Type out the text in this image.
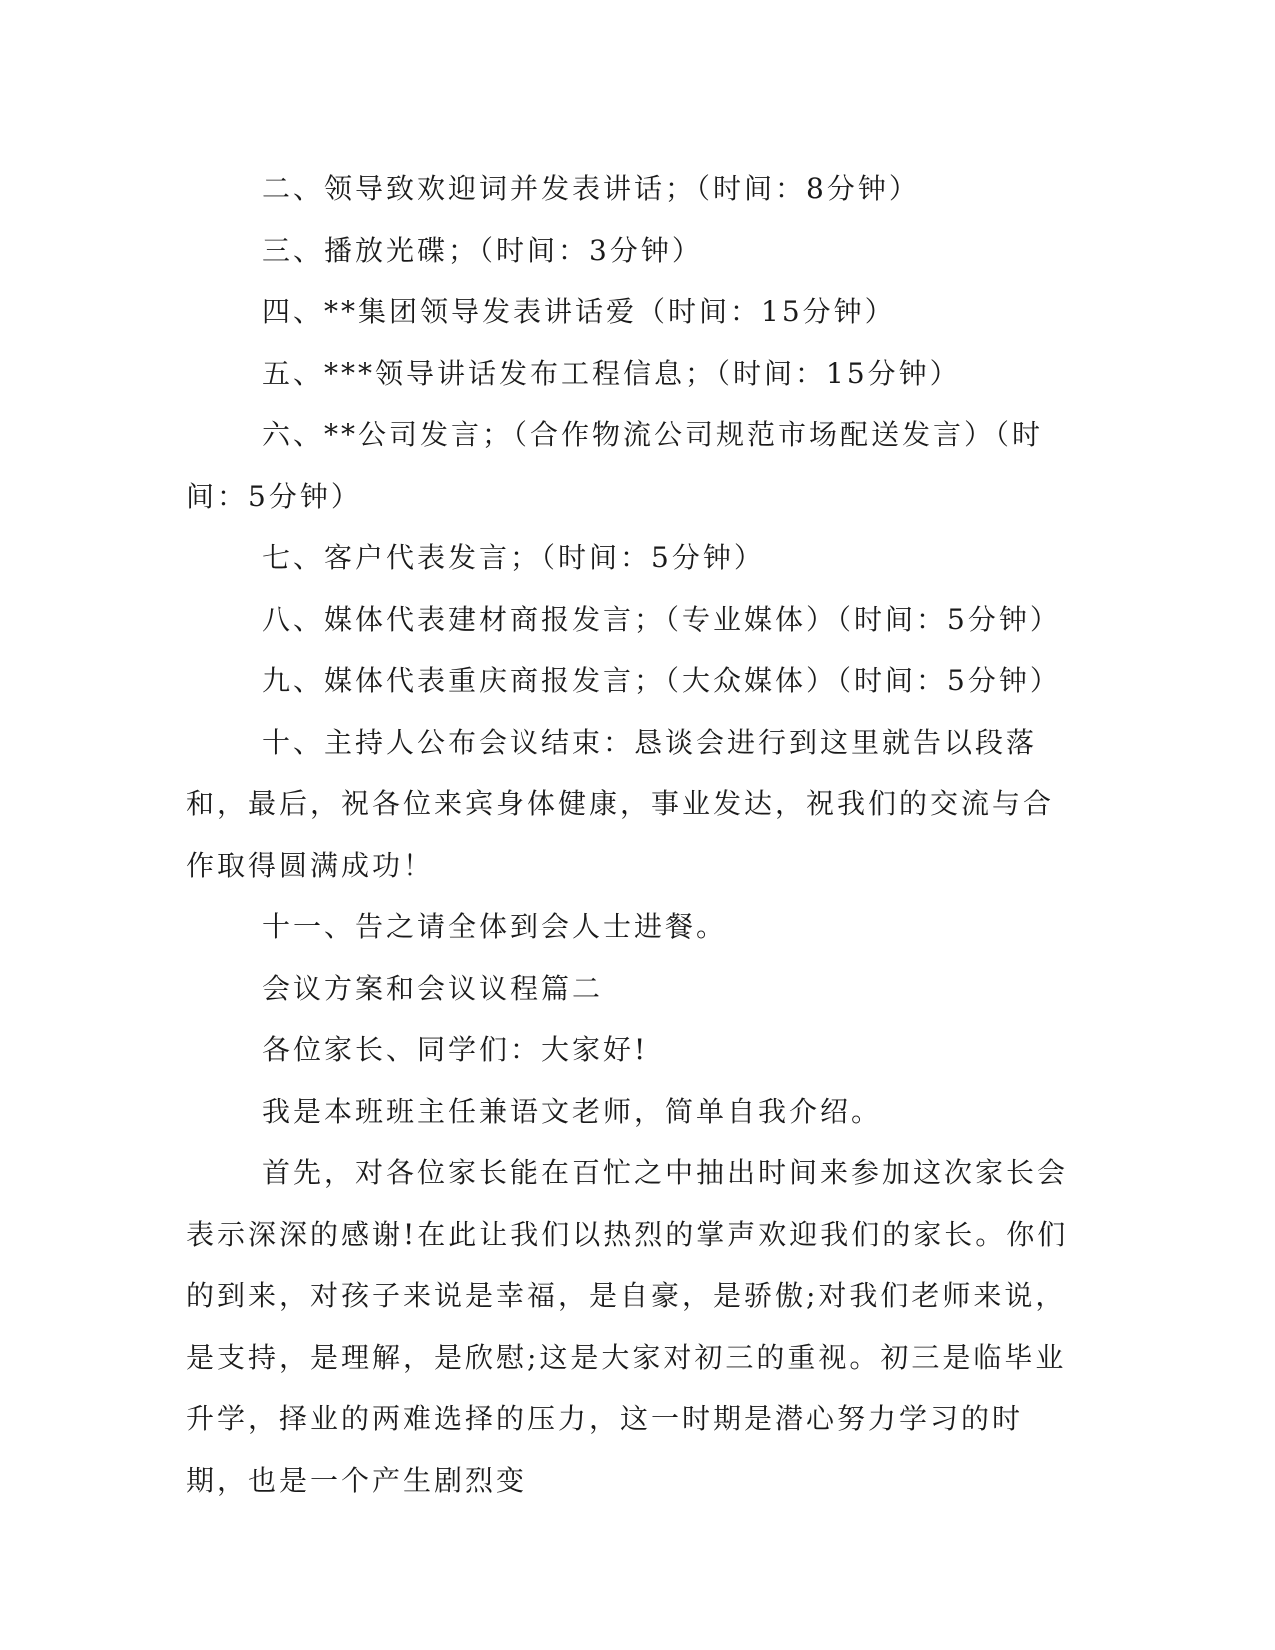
二、领导致欢迎词并发表讲话；（时间：8分钟）

三、播放光碟；（时间：3分钟）

四、**集团领导发表讲话爱（时间：15分钟）

五、***领导讲话发布工程信息；（时间：15分钟）

六、**公司发言；（合作物流公司规范市场配送发言）（时间：5分钟）

七、客户代表发言；（时间：5分钟）

八、媒体代表建材商报发言；（专业媒体）（时间：5分钟）

九、媒体代表重庆商报发言；（大众媒体）（时间：5分钟）

十、主持人公布会议结束：恳谈会进行到这里就告以段落和，最后，祝各位来宾身体健康，事业发达，祝我们的交流与合作取得圆满成功！

十一、告之请全体到会人士进餐。

会议方案和会议议程篇二

各位家长、同学们：大家好!

我是本班班主任兼语文老师，简单自我介绍。

首先，对各位家长能在百忙之中抽出时间来参加这次家长会表示深深的感谢!在此让我们以热烈的掌声欢迎我们的家长。你们的到来，对孩子来说是幸福，是自豪，是骄傲;对我们老师来说，是支持，是理解，是欣慰;这是大家对初三的重视。初三是临毕业升学，择业的两难选择的压力，这一时期是潜心努力学习的时期，也是一个产生剧烈变
